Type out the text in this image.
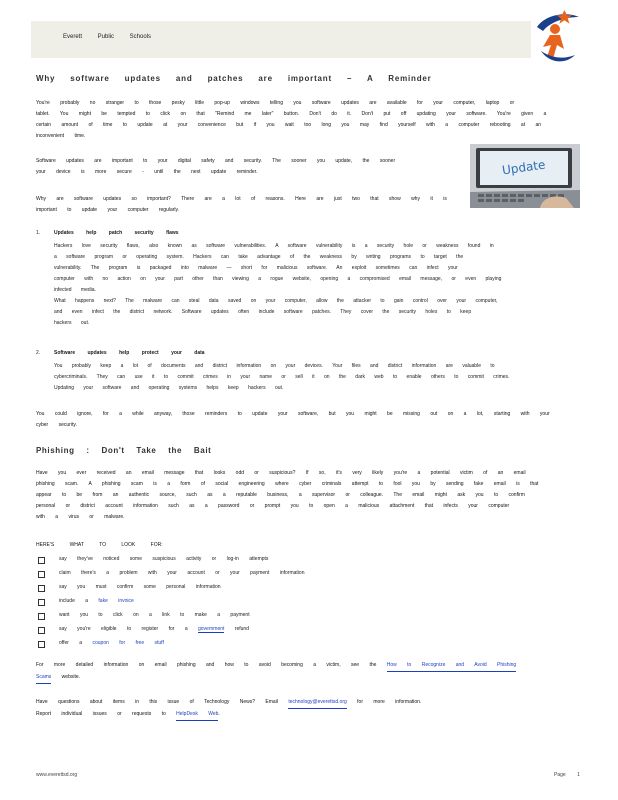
Everett Public Schools
Why software updates and patches are important – A Reminder
You're probably no stranger to those pesky little pop-up windows telling you software updates are available for your computer, laptop or
tablet. You might be tempted to click on that "Remind me later" button. Don't do it. Don't put off updating your software. You're given a
certain amount of time to update at your convenience but if you wait too long you may find yourself with a computer rebooting at an
inconvenient time.
Software updates are important to your digital safety and security. The sooner you update, the sooner
your device is more secure - until the next update reminder.	Update
Why are software updates so important? There are a lot of reasons. Here are just two that show why it is
important to update your computer regularly.
1.	Updates help patch security flaws
Hackers love security flaws, also known as software vulnerabilities. A software vulnerability is a security hole or weakness found in
a software program or operating system. Hackers can take advantage of the weakness by writing programs to target the
vulnerability. The program is packaged into malware — short for malicious software. An exploit sometimes can infect your
computer with no action on your part other than viewing a rogue website, opening a compromised email message, or even playing
infected media.
What happens next? The malware can steal data saved on your computer, allow the attacker to gain control over your computer,
and even infect the district network. Software updates often include software patches. They cover the security holes to keep
hackers out.
2.	Software updates help protect your data
You probably keep a lot of documents and district information on your devices. Your files and district information are valuable to
cybercriminals. They can use it to commit crimes in your name or sell it on the dark web to enable others to commit crimes.
Updating your software and operating systems helps keep hackers out.
You could ignore, for a while anyway, those reminders to update your software, but you might be missing out on a lot, starting with your
cyber security.
Phishing : Don't Take the Bait
Have you ever received an email message that looks odd or suspicious? If so, it's very likely you're a potential victim of an email
phishing scam. A phishing scam is a form of social engineering where cyber criminals attempt to fool you by sending fake email is that
appear to be from an authentic source, such as a reputable business, a supervisor or colleague. The email might ask you to confirm
personal or district account information such as a password or prompt you to open a malicious attachment that infects your computer
with a virus or malware.
HERE'S WHAT TO LOOK FOR:
say they've noticed some suspicious activity or log-in attempts
claim there's a problem with your account or your payment information
say you must confirm some personal information
include a fake invoice
want you to click on a link to make a payment
say you're eligible to register for a government refund
offer a coupon for free stuff
For more detailed information on email phishing and how to avoid becoming a victim, see the How to Recognize and Avoid Phishing
Scams website.
Have questions about items in this issue of Technology News? Email technology@everettsd.org for more information.
Report individual issues or requests to HelpDesk Web.
www.everettsd.org	Page 1
